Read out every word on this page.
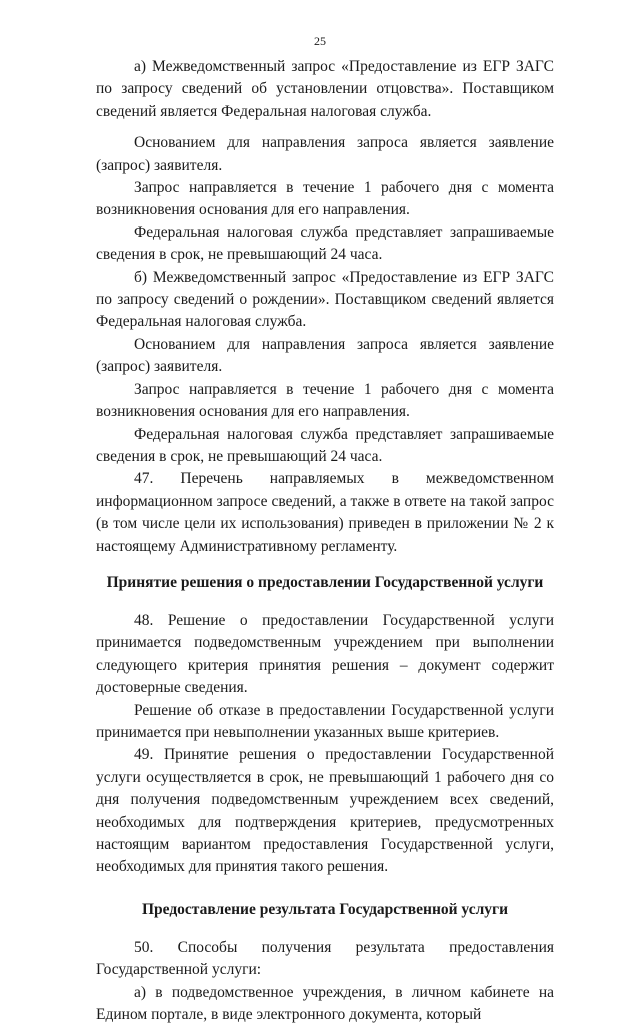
25

а) Межведомственный запрос «Предоставление из ЕГР ЗАГС по запросу сведений об установлении отцовства». Поставщиком сведений является Федеральная налоговая служба.

Основанием для направления запроса является заявление (запрос) заявителя.

Запрос направляется в течение 1 рабочего дня с момента возникновения основания для его направления.

Федеральная налоговая служба представляет запрашиваемые сведения в срок, не превышающий 24 часа.

б) Межведомственный запрос «Предоставление из ЕГР ЗАГС по запросу сведений о рождении». Поставщиком сведений является Федеральная налоговая служба.

Основанием для направления запроса является заявление (запрос) заявителя.

Запрос направляется в течение 1 рабочего дня с момента возникновения основания для его направления.

Федеральная налоговая служба представляет запрашиваемые сведения в срок, не превышающий 24 часа.

47. Перечень направляемых в межведомственном информационном запросе сведений, а также в ответе на такой запрос (в том числе цели их использования) приведен в приложении № 2 к настоящему Административному регламенту.

Принятие решения о предоставлении Государственной услуги

48. Решение о предоставлении Государственной услуги принимается подведомственным учреждением при выполнении следующего критерия принятия решения – документ содержит достоверные сведения.

Решение об отказе в предоставлении Государственной услуги принимается при невыполнении указанных выше критериев.

49. Принятие решения о предоставлении Государственной услуги осуществляется в срок, не превышающий 1 рабочего дня со дня получения подведомственным учреждением всех сведений, необходимых для подтверждения критериев, предусмотренных настоящим вариантом предоставления Государственной услуги, необходимых для принятия такого решения.

Предоставление результата Государственной услуги

50. Способы получения результата предоставления Государственной услуги:

а) в подведомственное учреждения, в личном кабинете на Едином портале, в виде электронного документа, который
